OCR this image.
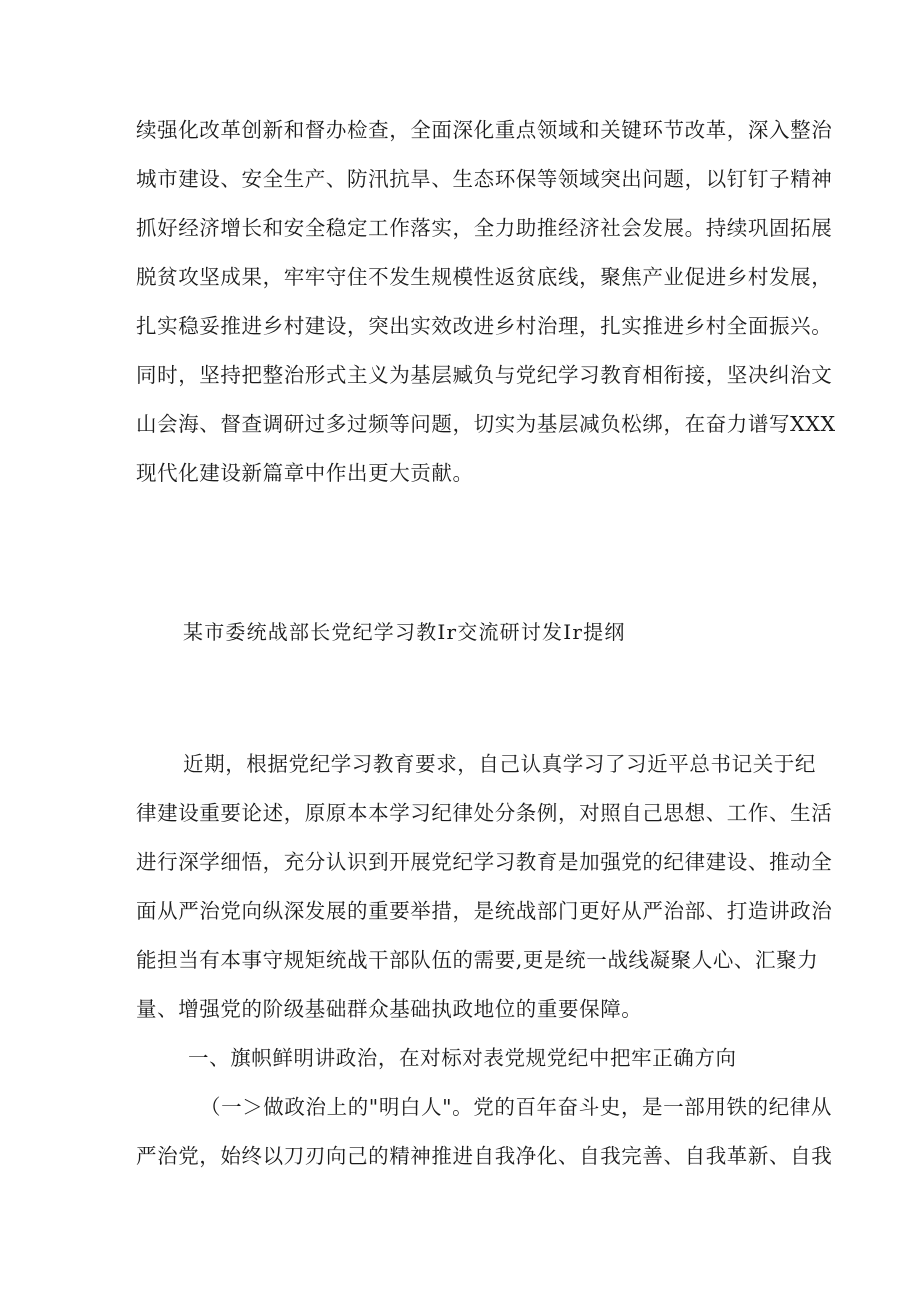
续强化改革创新和督办检查，全面深化重点领域和关键环节改革，深入整治
城市建设、安全生产、防汛抗旱、生态环保等领域突出问题，以钉钉子精神
抓好经济增长和安全稳定工作落实，全力助推经济社会发展。持续巩固拓展
脱贫攻坚成果，牢牢守住不发生规模性返贫底线，聚焦产业促进乡村发展，
扎实稳妥推进乡村建设，突出实效改进乡村治理，扎实推进乡村全面振兴。
同时，坚持把整治形式主义为基层臧负与党纪学习教育相衔接，坚决纠治文
山会海、督查调研过多过频等问题，切实为基层减负松绑，在奋力谱写XXX
现代化建设新篇章中作出更大贡献。
某市委统战部长党纪学习教Ir交流研讨发Ir提纲
近期，根据党纪学习教育要求，自己认真学习了习近平总书记关于纪
律建设重要论述，原原本本学习纪律处分条例，对照自己思想、工作、生活
进行深学细悟，充分认识到开展党纪学习教育是加强党的纪律建设、推动全
面从严治党向纵深发展的重要举措，是统战部门更好从严治部、打造讲政治
能担当有本事守规矩统战干部队伍的需要,更是统一战线凝聚人心、汇聚力
量、增强党的阶级基础群众基础执政地位的重要保障。
一、旗帜鲜明讲政治，在对标对表党规党纪中把牢正确方向
（一＞做政治上的"明白人"。党的百年奋斗史，是一部用铁的纪律从
严治党，始终以刀刃向己的精神推进自我净化、自我完善、自我革新、自我
